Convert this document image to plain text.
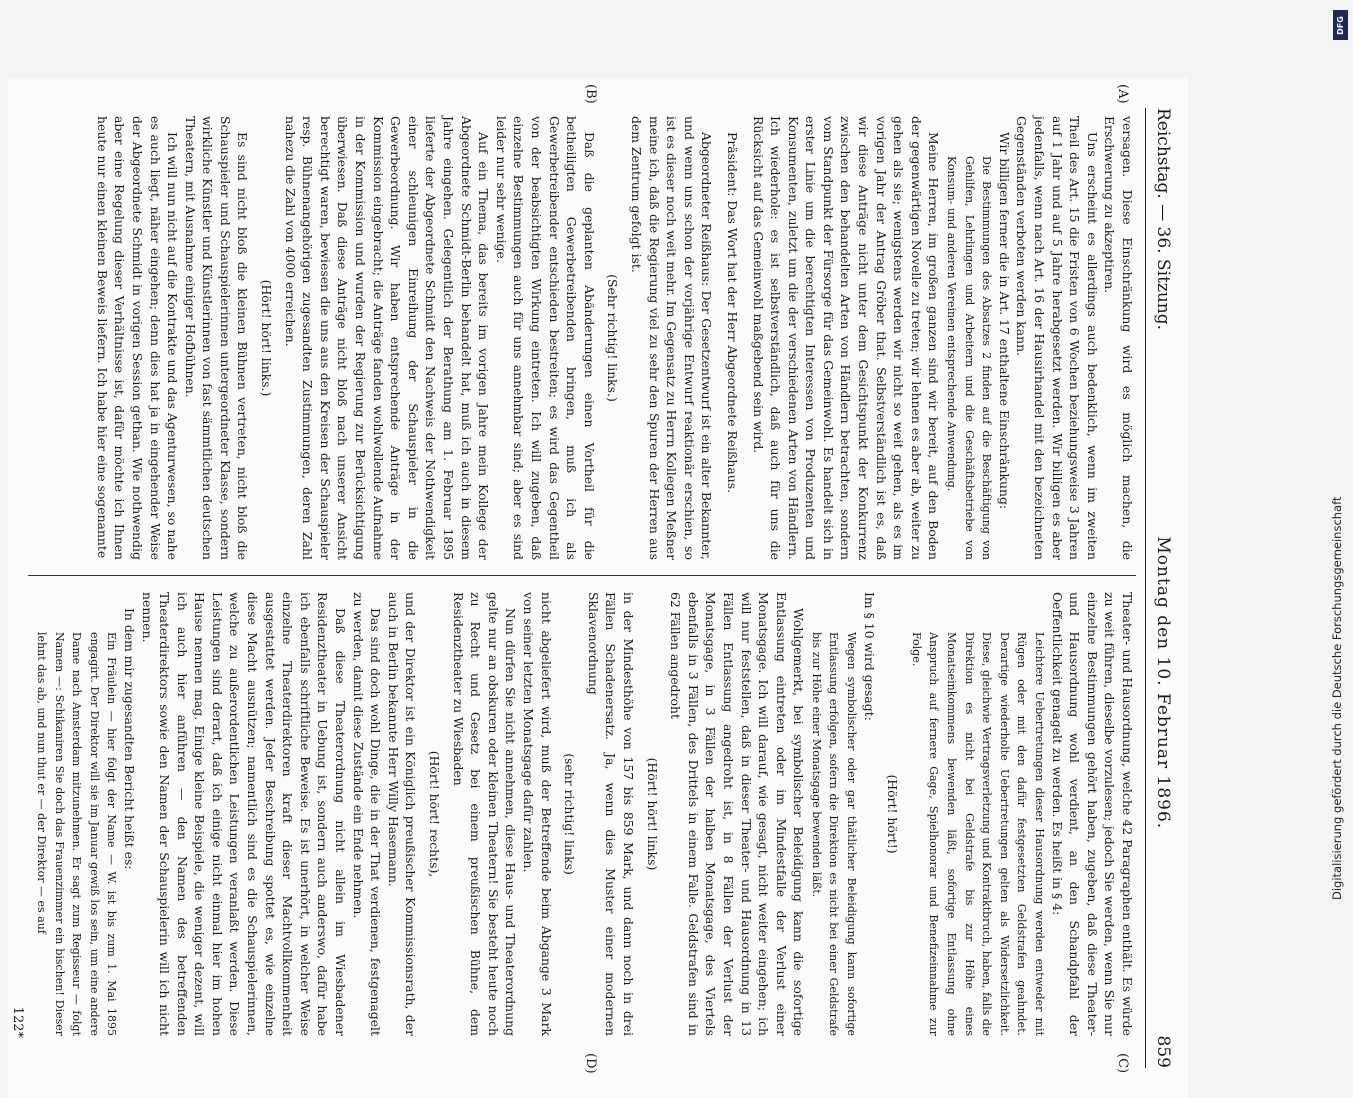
Reichstag. — 36. Sitzung.
Montag den 10. Februar 1896.
859
(A)
(B)
(C)
(D)

versagen. Diese Einschränkung wird es möglich machen, die Erschwerung zu akzeptiren.

Uns erscheint es allerdings auch bedenklich, wenn im zweiten Theil des Art. 15 die Fristen von 6 Wochen beziehungsweise 3 Jahren auf 1 Jahr und auf 5 Jahre herabgesetzt werden. Wir billigen es aber jedenfalls, wenn nach Art. 16 der Hausirhandel mit den bezeichneten Gegenständen verboten werden kann.

Wir billigen ferner die in Art. 17 enthaltene Einschränkung:

Die Bestimmungen des Absatzes 2 finden auf die Beschäftigung von Gehilfen, Lehrlingen und Arbeitern und die Geschäftsbetriebe von Konsum- und anderen Vereinen entsprechende Anwendung.

Meine Herren, im großen ganzen sind wir bereit, auf den Boden der gegenwärtigen Novelle zu treten; wir lehnen es aber ab, weiter zu gehen als sie; wenigstens werden wir nicht so weit gehen, als es im vorigen Jahr der Antrag Gröber that. Selbstverständlich ist es, daß wir diese Anträge nicht unter dem Gesichtspunkt der Konkurrenz zwischen den behandelten Arten von Händlern betrachten, sondern vom Standpunkt der Fürsorge für das Gemeinwohl. Es handelt sich in erster Linie um die berechtigten Interessen von Produzenten und Konsumenten, zuletzt um die der verschiedenen Arten von Händlern. Ich wiederhole: es ist selbstverständlich, daß auch für uns die Rücksicht auf das Gemeinwohl maßgebend sein wird.

Präsident: Das Wort hat der Herr Abgeordnete Reißhaus.

Abgeordneter Reißhaus: Der Gesetzentwurf ist ein alter Bekannter, und wenn uns schon der vorjährige Entwurf reaktionär erschien, so ist es dieser noch weit mehr. Im Gegensatz zu Herrn Kollegen Meßner meine ich, daß die Regierung viel zu sehr den Spuren der Herren aus dem Zentrum gefolgt ist.

(Sehr richtig! links.)

Daß die geplanten Abänderungen einen Vortheil für die betheiligten Gewerbetreibenden bringen, muß ich als Gewerbetreibender entschieden bestreiten; es wird das Gegentheil von der beabsichtigten Wirkung eintreten. Ich will zugeben, daß einzelne Bestimmungen auch für uns annehmbar sind; aber es sind leider nur sehr wenige.

Auf ein Thema, das bereits im vorigen Jahre mein Kollege der Abgeordnete Schmidt-Berlin behandelt hat, muß ich auch in diesem Jahre eingehen. Gelegentlich der Berathung am 1. Februar 1895 lieferte der Abgeordnete Schmidt den Nachweis der Nothwendigkeit einer schleunigen Einreihung der Schauspieler in die Gewerbeordnung. Wir haben entsprechende Anträge in der Kommission eingebracht; die Anträge fanden wohlwollende Aufnahme in der Kommission und wurden der Regierung zur Berücksichtigung überwiesen. Daß diese Anträge nicht bloß nach unserer Ansicht berechtigt waren, bewiesen die uns aus den Kreisen der Schauspieler resp. Bühnenangehörigen zugesandten Zustimmungen, deren Zahl nahezu die Zahl von 4000 erreichen.

(Hört! hört! links.)

Es sind nicht bloß die kleinen Bühnen vertreten, nicht bloß die Schauspieler und Schauspielerinnen untergeordneter Klasse, sondern wirkliche Künstler und Künstlerinnen von fast sämmtlichen deutschen Theatern, mit Ausnahme einiger Hofbühnen.

Ich will nun nicht auf die Kontrakte und das Agenturwesen, so nahe es auch liegt, näher eingehen; denn dies hat ja in eingehender Weise der Abgeordnete Schmidt in vorigen Session gethan. Wie nothwendig aber eine Regelung dieser Verhältnisse ist, dafür möchte ich Ihnen heute nur einen kleinen Beweis liefern. Ich habe hier eine sogenannte

Theater- und Hausordnung, welche 42 Paragraphen enthält. Es würde zu weit führen, dieselbe vorzulesen; jedoch Sie werden, wenn Sie nur einzelne Bestimmungen gehört haben, zugeben, daß diese Theater- und Hausordnung wohl verdient, an den Schandpfahl der Oeffentlichkeit genagelt zu werden. Es heißt in § 4:

Leichtere Uebertretungen dieser Hausordnung werden entweder mit Rügen oder mit den dafür festgesetzten Geldstrafen geahndet. Derartige wiederholte Uebertretungen gelten als Widersetzlichkeit. Diese, gleichwie Vertragsverletzung und Kontraktbruch, haben, falls die Direktion es nicht bei Geldstrafe bis zur Höhe eines Monatseinkommens bewenden läßt, sofortige Entlassung ohne Anspruch auf fernere Gage, Spielhonorar und Benefizeinnahme zur Folge.

(Hört! hört!)

Im § 10 wird gesagt:

Wegen symbolischer oder gar thätlicher Beleidigung kann sofortige Entlassung erfolgen, sofern die Direktion es nicht bei einer Geldstrafe bis zur Höhe einer Monatsgage bewenden läßt.

Wohlgemerkt, bei symbolischer Beleidigung kann die sofortige Entlassung eintreten oder im Mindestfalle der Verlust einer Monatsgage. Ich will darauf, wie gesagt, nicht weiter eingehen; ich will nur feststellen, daß in dieser Theater- und Hausordnung in 13 Fällen Entlassung angedroht ist, in 8 Fällen der Verlust der Monatsgage, in 3 Fällen der halben Monatsgage, des Viertels ebenfalls in 3 Fällen, des Drittels in einem Falle. Geldstrafen sind in 62 Fällen angedroht

(Hört! hört! links)

in der Mindesthöhe von 157 bis 859 Mark, und dann noch in drei Fällen Schadenersatz. Ja, wenn dies Muster einer modernen Sklavenordnung

(sehr richtig! links)

nicht abgeliefert wird, muß der Betreffende beim Abgange 3 Mark von seiner letzten Monatsgage dafür zahlen.

Nun dürfen Sie nicht annehmen, diese Haus- und Theaterordnung gelte nur an obskuren oder kleinen Theatern! Sie besteht heute noch zu Recht und Gesetz bei einem preußischen Bühne, dem Residenztheater zu Wiesbaden

(Hört! hört! rechts),

und der Direktor ist ein Königlich preußischer Kommissionsrath, der auch in Berlin bekannte Herr Willy Hasemann.

Das sind doch wohl Dinge, die in der That verdienen, festgenagelt zu werden, damit diese Zustände ein Ende nehmen.

Daß diese Theaterordnung nicht allein im Wiesbadener Residenztheater in Uebung ist, sondern auch anderswo, dafür habe ich ebenfalls schriftliche Beweise. Es ist unerhört, in welcher Weise einzelne Theaterdirektoren kraft dieser Machtvollkommenheit ausgestattet werden. Jeder Beschreibung spottet es, wie einzelne diese Macht ausnützen; namentlich sind es die Schauspielerinnen, welche zu außerordentlichen Leistungen veranlaßt werden. Diese Leistungen sind derart, daß ich einige nicht einmal hier im hohen Hause nennen mag. Einige kleine Beispiele, die weniger dezent, will ich auch hier anführen — den Namen des betreffenden Theaterdirektors sowie den Namen der Schauspielerin will ich nicht nennen.

In dem mir zugesandten Bericht heißt es:

Ein Fräulein — hier folgt der Name — W. ist bis zum 1. Mai 1895 engagirt. Der Direktor will sie im Januar gewiß los sein, um eine andere Dame nach Amsterdam mitzunehmen. Er sagt zum Regisseur — folgt Namen —: Schikaniren Sie doch das Frauenzimmer ein bischen! Dieser lehnt das ab, und nun thut er — der Direktor — es auf

122*
DFG
Digitalisierung gefördert durch die Deutsche Forschungsgemeinschaft
